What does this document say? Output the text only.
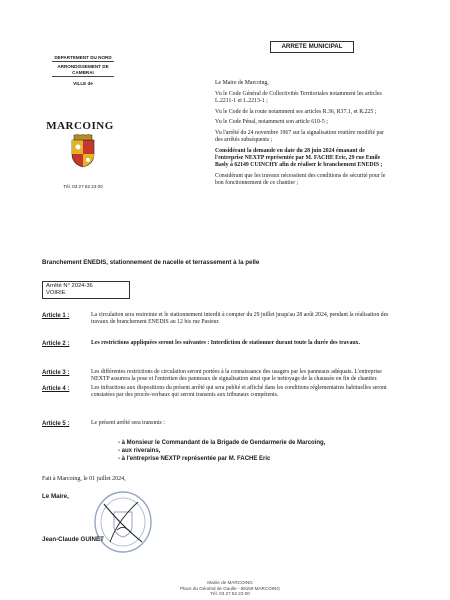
ARRETE MUNICIPAL
DEPARTEMENT DU NORD
ARRONDISSEMENT DE CAMBRAI
VILLE de
MARCOING
Tél. 03 27 82 23 00

Le Maire de Marcoing,

Vu le Code Général de Collectivités Territoriales notamment les articles L.2211-1 et L.2213-1 ;

Vu le Code de la route notamment ses articles R.36, R37.1, et R.225 ;

Vu le Code Pénal, notamment son article 610-5 ;

Vu l'arrêté du 24 novembre 1967 sur la signalisation routière modifié par des arrêtés subséquents ;

Considérant la demande en date du 28 juin 2024 émanant de l'entreprise NEXTP représentée par M. FACHE Eric, 29 rue Emile Basly à 62149 CUINCHY afin de réaliser le branchement ENEDIS ;

Considérant que les travaux nécessitent des conditions de sécurité pour le bon fonctionnement de ce chantier ;

Branchement ENEDIS, stationnement de nacelle et terrassement à la pelle
Arrêté N° 2024-36
VOIRIE
Article 1 :	La circulation sera restreinte et le stationnement interdit à compter du 29 juillet jusqu'au 28 août 2024, pendant la réalisation des travaux de branchement ENEDIS au 12 bis rue Pasteur.
Article 2 :	Les restrictions appliquées seront les suivantes : Interdiction de stationner durant toute la durée des travaux.
Article 3 :	Les différentes restrictions de circulation seront portées à la connaissance des usagers par les panneaux adéquats. L'entreprise NEXTP assurera la pose et l'entretien des panneaux de signalisation ainsi que le nettoyage de la chaussée en fin de chantier.
Article 4 :	Les infractions aux dispositions du présent arrêté qui sera publié et affiché dans les conditions réglementaires habituelles seront constatées par des procès-verbaux qui seront transmis aux tribunaux compétents.
Article 5 :	Le présent arrêté sera transmis :
- à Monsieur le Commandant de la Brigade de Gendarmerie de Marcoing,
- aux riverains,
- à l'entreprise NEXTP représentée par M. FACHE Eric
Fait à Marcoing, le 01 juillet 2024,
Le Maire,
Jean-Claude GUINET
Mairie de MARCOING
Place du Général de Gaulle - 59159 MARCOING
Tél. 03 27 82 23 00
